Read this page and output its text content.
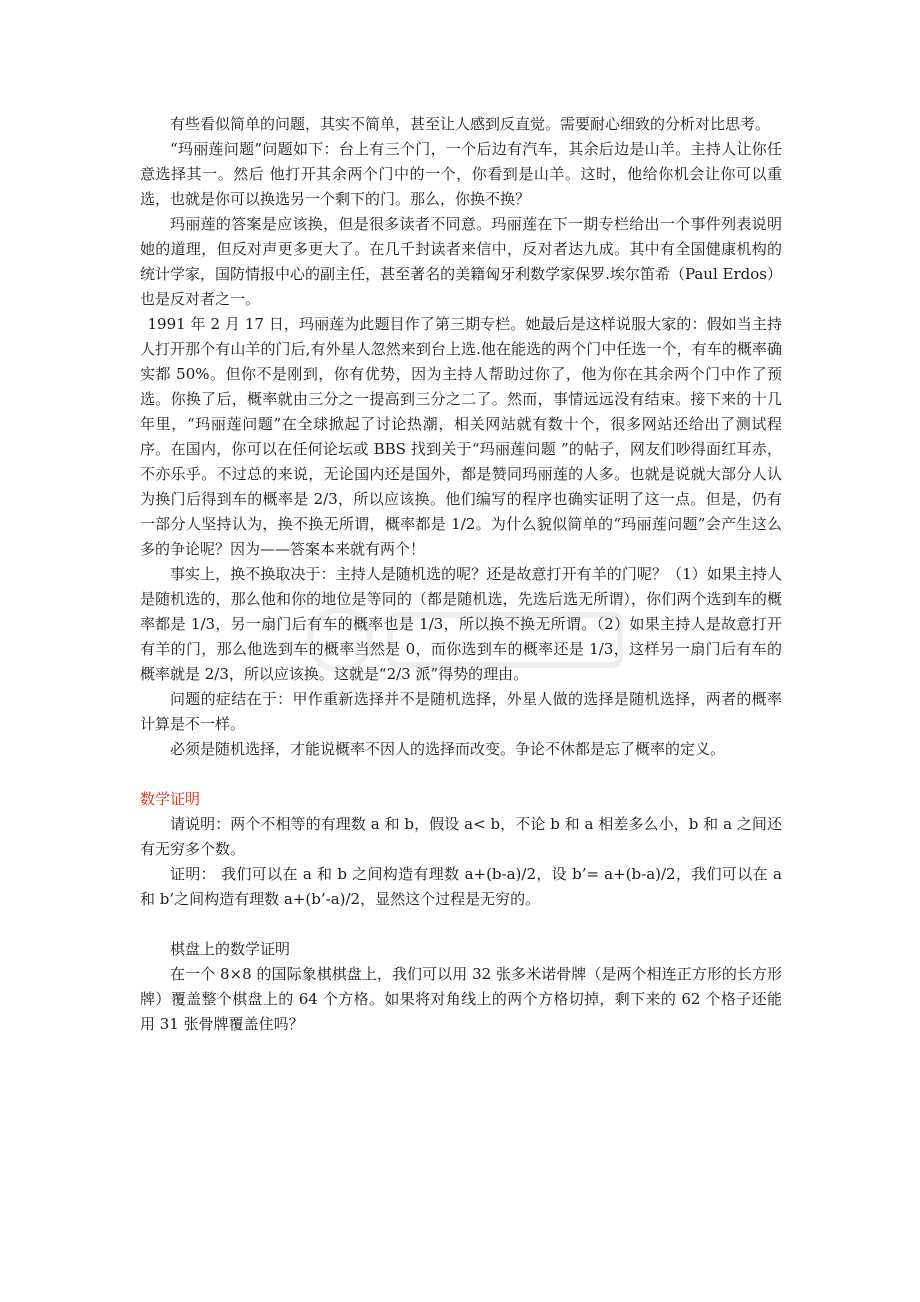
有些看似简单的问题，其实不简单，甚至让人感到反直觉。需要耐心细致的分析对比思考。

“玛丽莲问题”问题如下：台上有三个门，一个后边有汽车，其余后边是山羊。主持人让你任意选择其一。然后 他打开其余两个门中的一个，你看到是山羊。这时，他给你机会让你可以重选，也就是你可以换选另一个剩下的门。那么，你换不换？

玛丽莲的答案是应该换，但是很多读者不同意。玛丽莲在下一期专栏给出一个事件列表说明她的道理，但反对声更多更大了。在几千封读者来信中，反对者达九成。其中有全国健康机构的统计学家，国防情报中心的副主任，甚至著名的美籍匈牙利数学家保罗.埃尔笛希（Paul Erdos）也是反对者之一。

1991 年 2 月 17 日，玛丽莲为此题目作了第三期专栏。她最后是这样说服大家的：假如当主持人打开那个有山羊的门后,有外星人忽然来到台上选.他在能选的两个门中任选一个，有车的概率确实都 50%。但你不是刚到，你有优势，因为主持人帮助过你了，他为你在其余两个门中作了预选。你换了后，概率就由三分之一提高到三分之二了。然而，事情远远没有结束。接下来的十几年里，“玛丽莲问题”在全球掀起了讨论热潮，相关网站就有数十个，很多网站还给出了测试程序。在国内，你可以在任何论坛或 BBS 找到关于“玛丽莲问题 ”的帖子，网友们吵得面红耳赤，不亦乐乎。不过总的来说，无论国内还是国外，都是赞同玛丽莲的人多。也就是说就大部分人认为换门后得到车的概率是 2/3，所以应该换。他们编写的程序也确实证明了这一点。但是，仍有一部分人坚持认为，换不换无所谓，概率都是 1/2。为什么貌似简单的“玛丽莲问题”会产生这么多的争论呢？因为——答案本来就有两个！

事实上，换不换取决于：主持人是随机选的呢？还是故意打开有羊的门呢？（1）如果主持人是随机选的，那么他和你的地位是等同的（都是随机选，先选后选无所谓），你们两个选到车的概率都是 1/3，另一扇门后有车的概率也是 1/3，所以换不换无所谓。（2）如果主持人是故意打开有羊的门，那么他选到车的概率当然是 0，而你选到车的概率还是 1/3，这样另一扇门后有车的概率就是 2/3，所以应该换。这就是“2/3 派”得势的理由。

问题的症结在于：甲作重新选择并不是随机选择，外星人做的选择是随机选择，两者的概率计算是不一样。

必须是随机选择，才能说概率不因人的选择而改变。争论不休都是忘了概率的定义。

数学证明

请说明：两个不相等的有理数 a 和 b，假设 a< b，不论 b 和 a 相差多么小，b 和 a 之间还有无穷多个数。

证明： 我们可以在 a 和 b 之间构造有理数 a+(b-a)/2，设 b’= a+(b-a)/2，我们可以在 a 和 b’之间构造有理数 a+(b’-a)/2，显然这个过程是无穷的。

棋盘上的数学证明

在一个 8×8 的国际象棋棋盘上，我们可以用 32 张多米诺骨牌（是两个相连正方形的长方形牌）覆盖整个棋盘上的 64 个方格。如果将对角线上的两个方格切掉，剩下来的 62 个格子还能用 31 张骨牌覆盖住吗？
